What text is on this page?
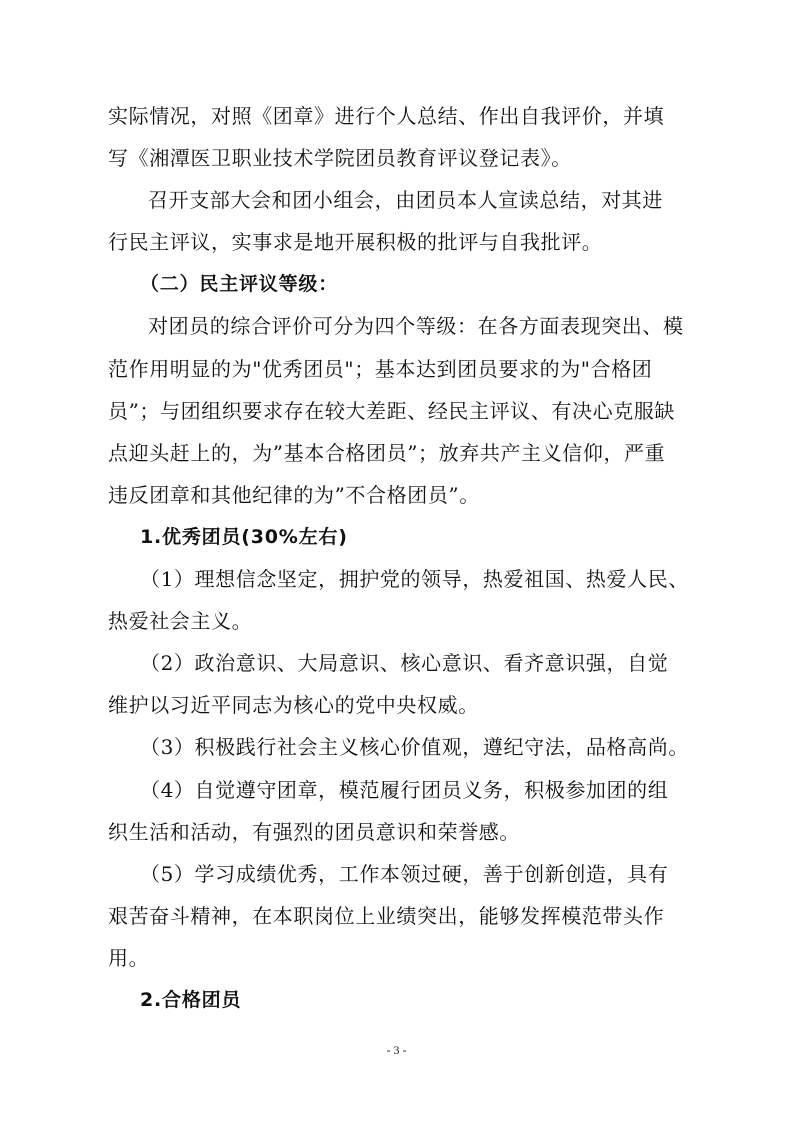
实际情况，对照《团章》进行个人总结、作出自我评价，并填

写《湘潭医卫职业技术学院团员教育评议登记表》。

召开支部大会和团小组会，由团员本人宣读总结，对其进

行民主评议，实事求是地开展积极的批评与自我批评。

（二）民主评议等级：

对团员的综合评价可分为四个等级：在各方面表现突出、模

范作用明显的为"优秀团员"；基本达到团员要求的为"合格团

员”；与团组织要求存在较大差距、经民主评议、有决心克服缺

点迎头赶上的，为”基本合格团员”；放弃共产主义信仰，严重

违反团章和其他纪律的为”不合格团员”。

1.优秀团员(30%左右)

（1）理想信念坚定，拥护党的领导，热爱祖国、热爱人民、

热爱社会主义。

（2）政治意识、大局意识、核心意识、看齐意识强，自觉

维护以习近平同志为核心的党中央权威。

（3）积极践行社会主义核心价值观，遵纪守法，品格高尚。

（4）自觉遵守团章，模范履行团员义务，积极参加团的组

织生活和活动，有强烈的团员意识和荣誉感。

（5）学习成绩优秀，工作本领过硬，善于创新创造，具有

艰苦奋斗精神，在本职岗位上业绩突出，能够发挥模范带头作

用。

2.合格团员

- 3 -
